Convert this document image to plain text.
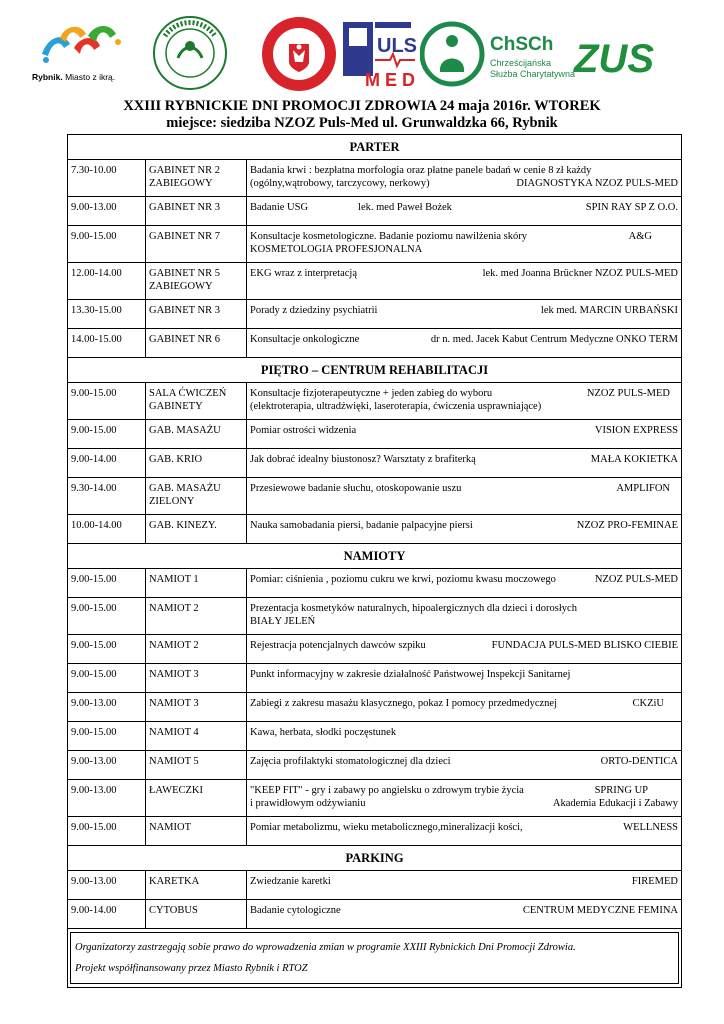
Rybnik. Miasto z ikrą.
ULS
M E D
ChSCh
Chrześcijańska
Służba Charytatywna
ZUS
XXIII RYBNICKIE DNI PROMOCJI ZDROWIA 24 maja 2016r. WTOREK
miejsce: siedziba NZOZ Puls-Med ul. Grunwaldzka 66, Rybnik
PARTER		
7.30-10.00	GABINET NR 2 ZABIEGOWY	Badania krwi : bezpłatna morfologia oraz płatne panele badań w cenie 8 zł każdy
(ogólny,wątrobowy, tarczycowy, nerkowy) DIAGNOSTYKA NZOZ PULS-MED

9.00-13.00	GABINET NR 3	Badanie USG lek. med Paweł Bożek SPIN RAY SP Z O.O.

9.00-15.00	GABINET NR 7	Konsultacje kosmetologiczne. Badanie poziomu nawilżenia skóry A&G
KOSMETOLOGIA PROFESJONALNA

12.00-14.00	GABINET NR 5 ZABIEGOWY	EKG wraz z interpretacją lek. med Joanna Brückner NZOZ PULS-MED

13.30-15.00	GABINET NR 3	Porady z dziedziny psychiatrii lek med. MARCIN URBAŃSKI

14.00-15.00	GABINET NR 6	Konsultacje onkologiczne dr n. med. Jacek Kabut Centrum Medyczne ONKO TERM

PIĘTRO – CENTRUM REHABILITACJI		
9.00-15.00	SALA ĆWICZEŃ GABINETY	Konsultacje fizjoterapeutyczne + jeden zabieg do wyboru NZOZ PULS-MED
(elektroterapia, ultradźwięki, laseroterapia, ćwiczenia usprawniające)

9.00-15.00	GAB. MASAŻU	Pomiar ostrości widzenia VISION EXPRESS

9.00-14.00	GAB. KRIO	Jak dobrać idealny biustonosz? Warsztaty z brafiterką MAŁA KOKIETKA

9.30-14.00	GAB. MASAŻU ZIELONY	Przesiewowe badanie słuchu, otoskopowanie uszu AMPLIFON

10.00-14.00	GAB. KINEZY.	Nauka samobadania piersi, badanie palpacyjne piersi NZOZ PRO-FEMINAE

NAMIOTY		
9.00-15.00	NAMIOT 1	Pomiar: ciśnienia , poziomu cukru we krwi, poziomu kwasu moczowego NZOZ PULS-MED

9.00-15.00	NAMIOT 2	Prezentacja kosmetyków naturalnych, hipoalergicznych dla dzieci i dorosłych
BIAŁY JELEŃ

9.00-15.00	NAMIOT 2	Rejestracja potencjalnych dawców szpiku FUNDACJA PULS-MED BLISKO CIEBIE

9.00-15.00	NAMIOT 3	Punkt informacyjny w zakresie działalność Państwowej Inspekcji Sanitarnej

9.00-13.00	NAMIOT 3	Zabiegi z zakresu masażu klasycznego, pokaz I pomocy przedmedycznej CKZiU

9.00-15.00	NAMIOT 4	Kawa, herbata, słodki poczęstunek

9.00-13.00	NAMIOT 5	Zajęcia profilaktyki stomatologicznej dla dzieci ORTO-DENTICA

9.00-13.00	ŁAWECZKI	"KEEP FIT" - gry i zabawy po angielsku o zdrowym trybie życia SPRING UP
i prawidłowym odżywianiu Akademia Edukacji i Zabawy

9.00-15.00	NAMIOT	Pomiar metabolizmu, wieku metabolicznego,mineralizacji kości, WELLNESS

PARKING		
9.00-13.00	KARETKA	Zwiedzanie karetki FIREMED

9.00-14.00	CYTOBUS	Badanie cytologiczne CENTRUM MEDYCZNE FEMINA

Organizatorzy zastrzegają sobie prawo do wprowadzenia zmian w programie XXIII Rybnickich Dni Promocji Zdrowia.
Projekt współfinansowany przez Miasto Rybnik i RTOZ		
